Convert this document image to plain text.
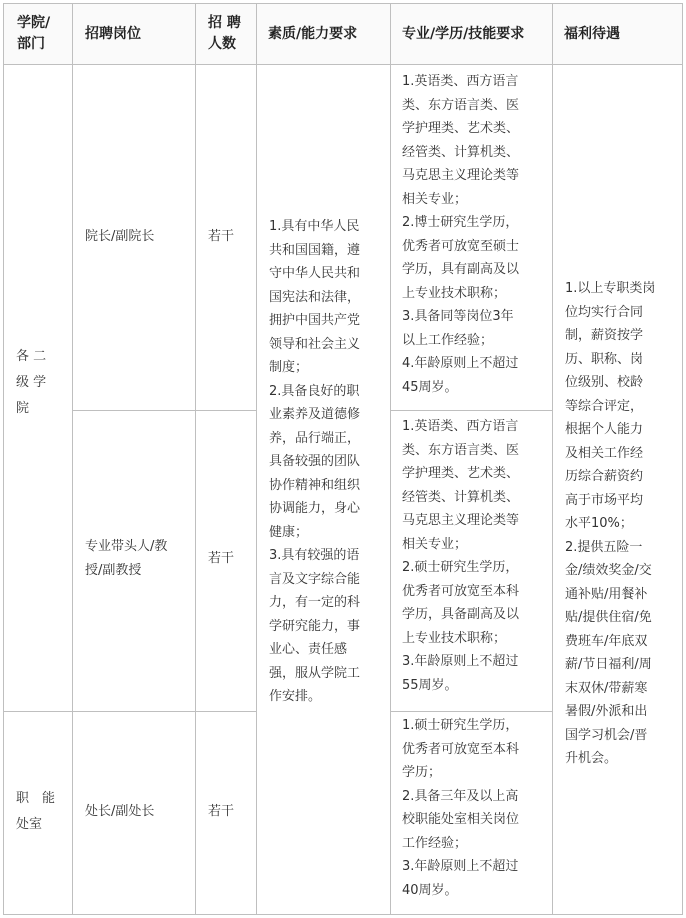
学院/

部门

招聘岗位

招 聘

人数

素质/能力要求	专业/学历/技能要求	福利待遇

各 二

级 学

院

职　能

处室

院长/副院长

专业带头人/教

授/副教授

处长/副处长

若干

若干

若干

1.具有中华人民

共和国国籍，遵

守中华人民共和

国宪法和法律，

拥护中国共产党

领导和社会主义

制度；

2.具备良好的职

业素养及道德修

养，品行端正，

具备较强的团队

协作精神和组织

协调能力，身心

健康；

3.具有较强的语

言及文字综合能

力，有一定的科

学研究能力，事

业心、责任感

强，服从学院工

作安排。

1.英语类、西方语言

类、东方语言类、医

学护理类、艺术类、

经管类、计算机类、

马克思主义理论类等

相关专业；

2.博士研究生学历，

优秀者可放宽至硕士

学历，具有副高及以

上专业技术职称；

3.具备同等岗位3年

以上工作经验；

4.年龄原则上不超过

45周岁。

1.英语类、西方语言

类、东方语言类、医

学护理类、艺术类、

经管类、计算机类、

马克思主义理论类等

相关专业；

2.硕士研究生学历，

优秀者可放宽至本科

学历，具备副高及以

上专业技术职称；

3.年龄原则上不超过

55周岁。

1.硕士研究生学历，

优秀者可放宽至本科

学历；

2.具备三年及以上高

校职能处室相关岗位

工作经验；

3.年龄原则上不超过

40周岁。

1.以上专职类岗

位均实行合同

制，薪资按学

历、职称、岗

位级别、校龄

等综合评定，

根据个人能力

及相关工作经

历综合薪资约

高于市场平均

水平10%；

2.提供五险一

金/绩效奖金/交

通补贴/用餐补

贴/提供住宿/免

费班车/年底双

薪/节日福利/周

末双休/带薪寒

暑假/外派和出

国学习机会/晋

升机会。
